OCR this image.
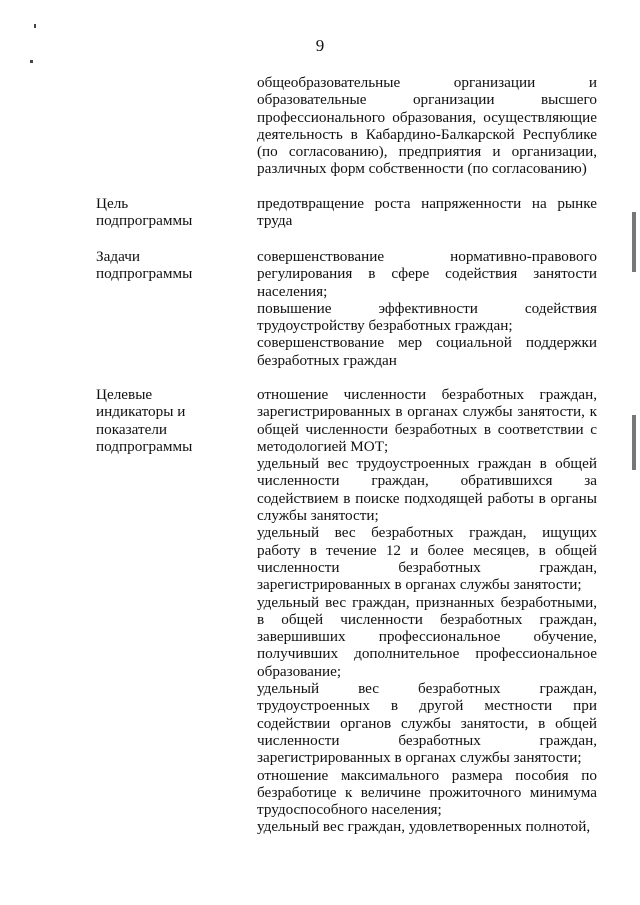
9

общеобразовательные организации и образовательные организации высшего профессионального образования, осуществляющие деятельность в Кабардино-Балкарской Республике (по согласованию), предприятия и организации, различных форм собственности (по согласованию)

Цель
подпрограммы

предотвращение роста напряженности на рынке труда

Задачи
подпрограммы

совершенствование нормативно-правового регулирования в сфере содействия занятости населения;

повышение эффективности содействия трудоустройству безработных граждан;

совершенствование мер социальной поддержки безработных граждан

Целевые
индикаторы и
показатели
подпрограммы

отношение численности безработных граждан, зарегистрированных в органах службы занятости, к общей численности безработных в соответствии с методологией МОТ;

удельный вес трудоустроенных граждан в общей численности граждан, обратившихся за содействием в поиске подходящей работы в органы службы занятости;

удельный вес безработных граждан, ищущих работу в течение 12 и более месяцев, в общей численности безработных граждан, зарегистрированных в органах службы занятости;

удельный вес граждан, признанных безработными, в общей численности безработных граждан, завершивших профессиональное обучение, получивших дополнительное профессиональное образование;

удельный вес безработных граждан, трудоустроенных в другой местности при содействии органов службы занятости, в общей численности безработных граждан, зарегистрированных в органах службы занятости;

отношение максимального размера пособия по безработице к величине прожиточного минимума трудоспособного населения;

удельный вес граждан, удовлетворенных полнотой,
